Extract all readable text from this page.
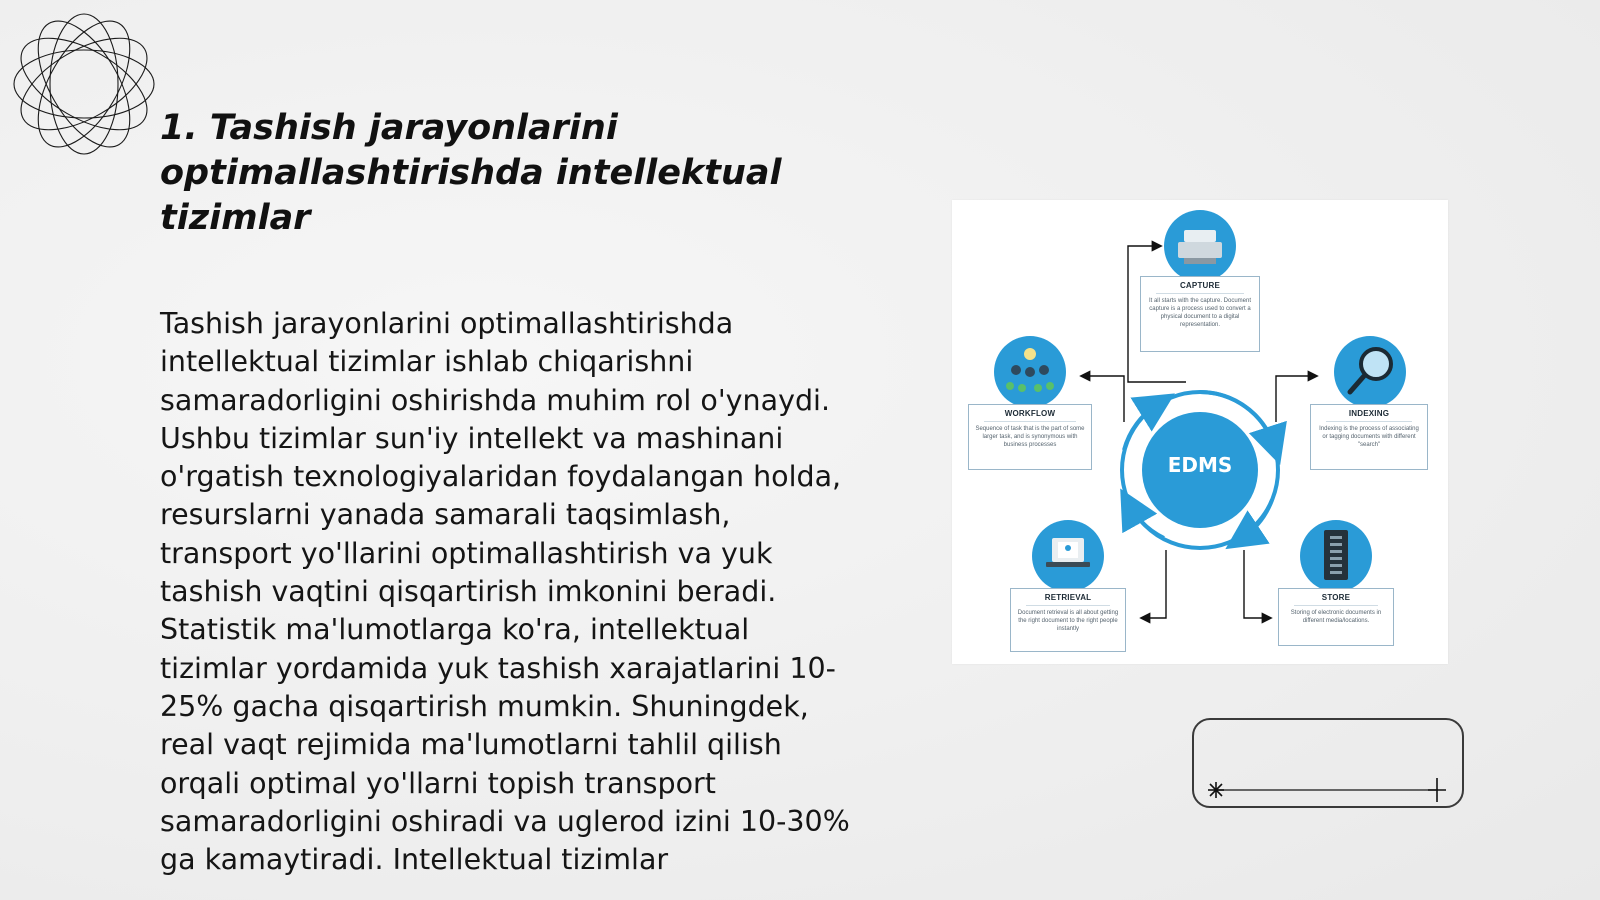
1. Tashish jarayonlarini optimallashtirishda intellektual tizimlar

Tashish jarayonlarini optimallashtirishda intellektual tizimlar ishlab chiqarishni samaradorligini oshirishda muhim rol o'ynaydi. Ushbu tizimlar sun'iy intellekt va mashinani o'rgatish texnologiyalaridan foydalangan holda, resurslarni yanada samarali taqsimlash, transport yo'llarini optimallashtirish va yuk tashish vaqtini qisqartirish imkonini beradi. Statistik ma'lumotlarga ko'ra, intellektual tizimlar yordamida yuk tashish xarajatlarini 10-25% gacha qisqartirish mumkin. Shuningdek, real vaqt rejimida ma'lumotlarni tahlil qilish orqali optimal yo'llarni topish transport samaradorligini oshiradi va uglerod izini 10-30% ga kamaytiradi. Intellektual tizimlar

EDMS
CAPTURE
It all starts with the capture. Document capture is a process used to convert a physical document to a digital representation.
WORKFLOW
Sequence of task that is the part of some larger task, and is synonymous with business processes
INDEXING
Indexing is the process of associating or tagging documents with different "search"
RETRIEVAL
Document retrieval is all about getting the right document to the right people instantly
STORE
Storing of electronic documents in different media/locations.
